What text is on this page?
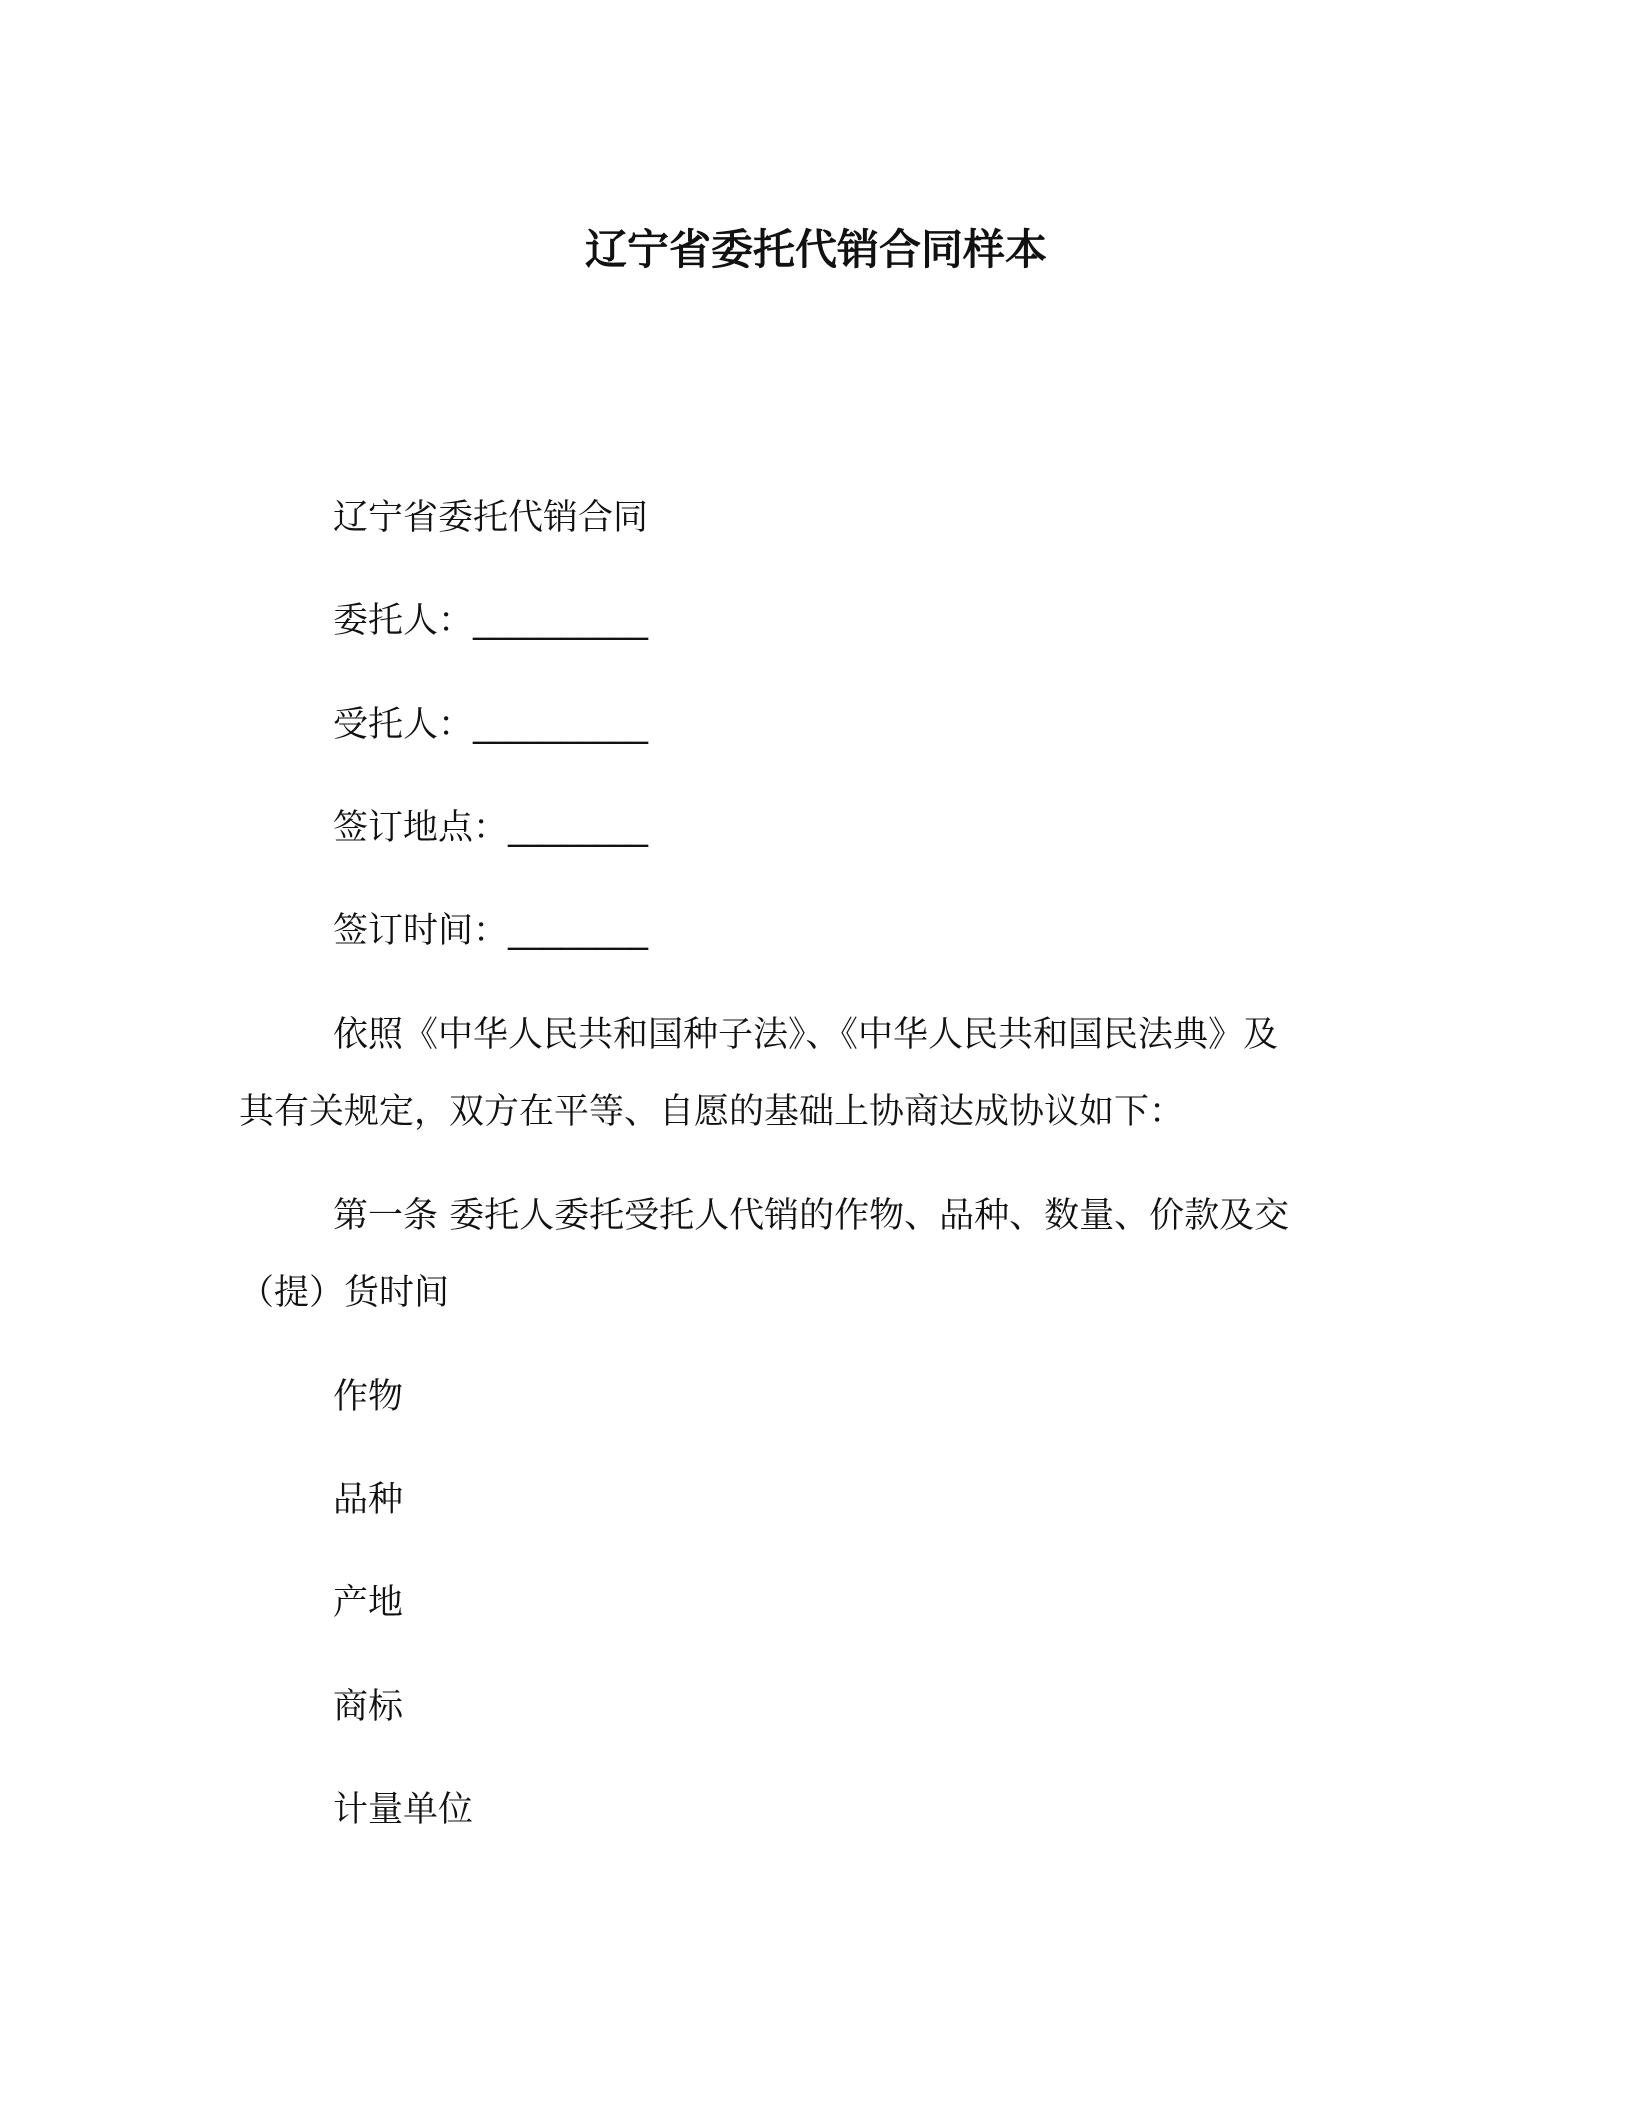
辽宁省委托代销合同样本
辽宁省委托代销合同
委托人：__________
受托人：__________
签订地点：________
签订时间：________
依照《中华人民共和国种子法》、《中华人民共和国民法典》及
其有关规定，双方在平等、自愿的基础上协商达成协议如下：
第一条 委托人委托受托人代销的作物、品种、数量、价款及交
（提）货时间
作物
品种
产地
商标
计量单位
